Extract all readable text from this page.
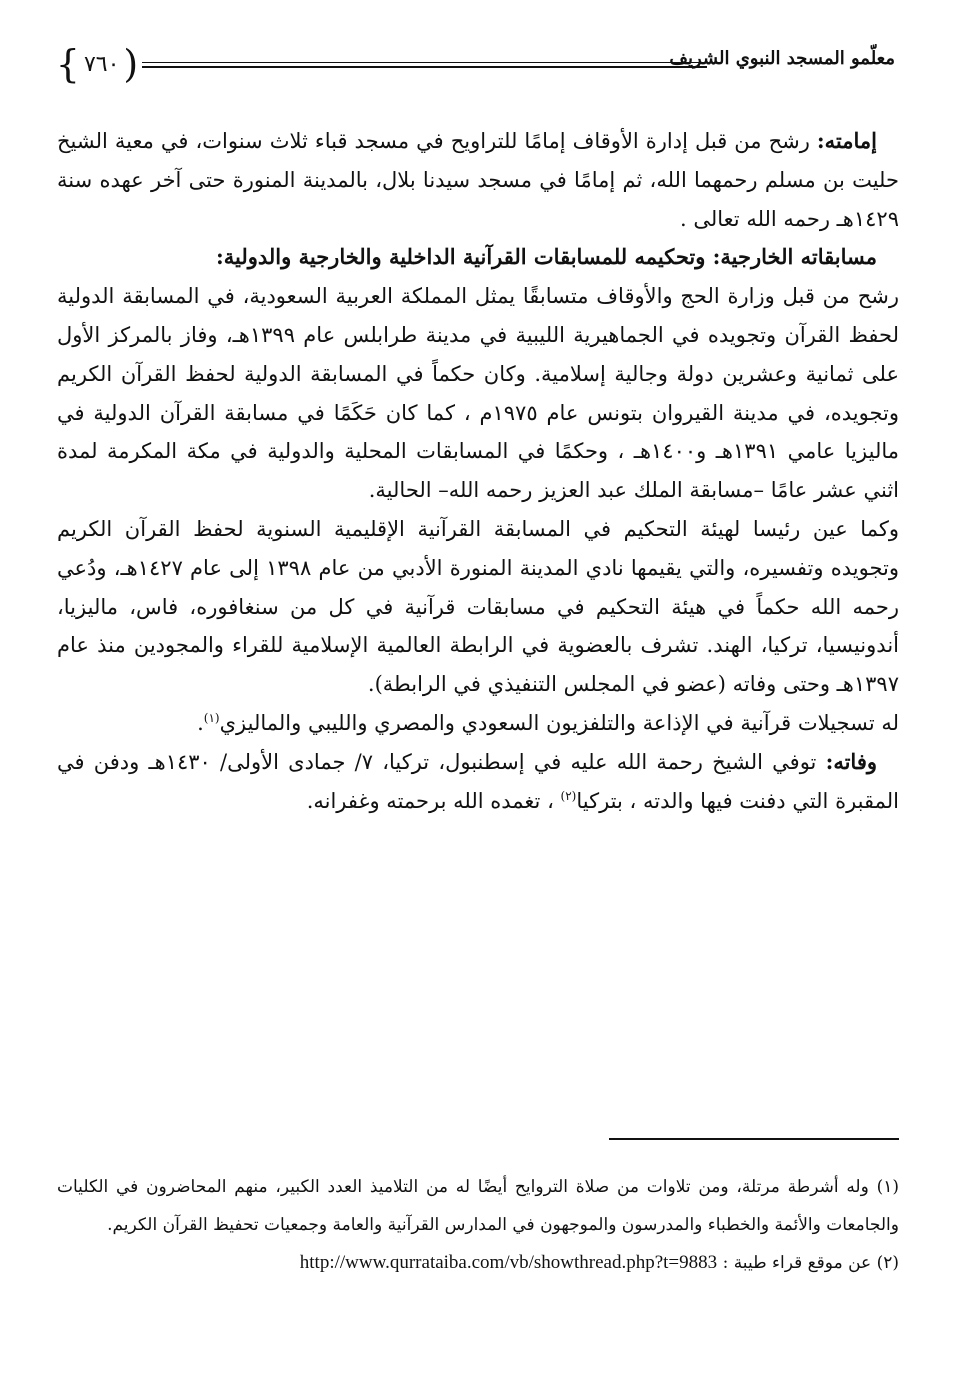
{ ٧٦٠ )	معلّمو المسجد النبوي الشريف

إمامته: رشح من قبل إدارة الأوقاف إمامًا للتراويح في مسجد قباء ثلاث سنوات، في معية الشيخ حليت بن مسلم رحمهما الله، ثم إمامًا في مسجد سيدنا بلال، بالمدينة المنورة حتى آخر عهده سنة ١٤٢٩هـ رحمه الله تعالى .

مسابقاته الخارجية: وتحكيمه للمسابقات القرآنية الداخلية والخارجية والدولية:

رشح من قبل وزارة الحج والأوقاف متسابقًا يمثل المملكة العربية السعودية، في المسابقة الدولية لحفظ القرآن وتجويده في الجماهيرية الليبية في مدينة طرابلس عام ١٣٩٩هـ، وفاز بالمركز الأول على ثمانية وعشرين دولة وجالية إسلامية. وكان حكماً في المسابقة الدولية لحفظ القرآن الكريم وتجويده، في مدينة القيروان بتونس عام ١٩٧٥م ، كما كان حَكَمًا في مسابقة القرآن الدولية في ماليزيا عامي ١٣٩١هـ و١٤٠٠هـ ، وحكمًا في المسابقات المحلية والدولية في مكة المكرمة لمدة اثني عشر عامًا –مسابقة الملك عبد العزيز رحمه الله– الحالية.

وكما عين رئيسا لهيئة التحكيم في المسابقة القرآنية الإقليمية السنوية لحفظ القرآن الكريم وتجويده وتفسيره، والتي يقيمها نادي المدينة المنورة الأدبي من عام ١٣٩٨ إلى عام ١٤٢٧هـ، ودُعي رحمه الله حكماً في هيئة التحكيم في مسابقات قرآنية في كل من سنغافوره، فاس، ماليزيا، أندونيسيا، تركيا، الهند. تشرف بالعضوية في الرابطة العالمية الإسلامية للقراء والمجودين منذ عام ١٣٩٧هـ وحتى وفاته (عضو في المجلس التنفيذي في الرابطة).

له تسجيلات قرآنية في الإذاعة والتلفزيون السعودي والمصري والليبي والماليزي$^{(١)}$.

وفاته: توفي الشيخ رحمة الله عليه في إسطنبول، تركيا، ٧/ جمادى الأولى/ ١٤٣٠هـ ودفن في المقبرة التي دفنت فيها والدته ، بتركيا$^{(٢)}$ ، تغمده الله برحمته وغفرانه.

(١) وله أشرطة مرتلة، ومن تلاوات من صلاة التروايح أيضًا له من التلاميذ العدد الكبير، منهم المحاضرون في الكليات والجامعات والأئمة والخطباء والمدرسون والموجهون في المدارس القرآنية والعامة وجمعيات تحفيظ القرآن الكريم.

(٢) عن موقع قراء طيبة : http://www.qurrataiba.com/vb/showthread.php?t=9883
